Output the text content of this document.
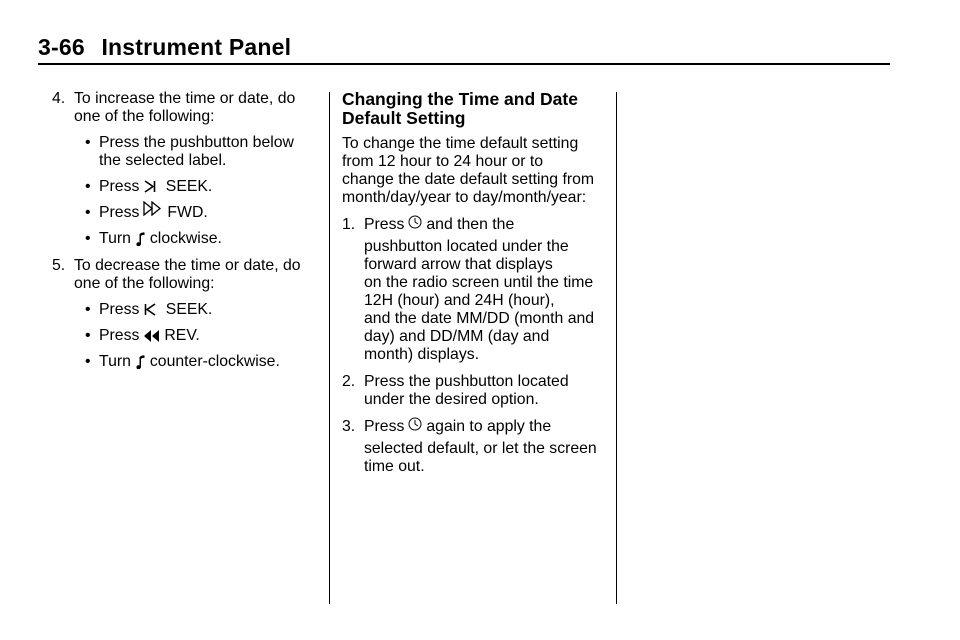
3-66 Instrument Panel
4. To increase the time or date, do
one of the following:
• Press the pushbutton below
the selected label.
• Press SEEK.
• Press FWD.
• Turn clockwise.
5. To decrease the time or date, do
one of the following:
• Press SEEK.
• Press REV.
• Turn counter-clockwise.
Changing the Time and Date
Default Setting
To change the time default setting
from 12 hour to 24 hour or to
change the date default setting from
month/day/year to day/month/year:
1. Press and then the
pushbutton located under the
forward arrow that displays
on the radio screen until the time
12H (hour) and 24H (hour),
and the date MM/DD (month and
day) and DD/MM (day and
month) displays.
2. Press the pushbutton located
under the desired option.
3. Press again to apply the
selected default, or let the screen
time out.
